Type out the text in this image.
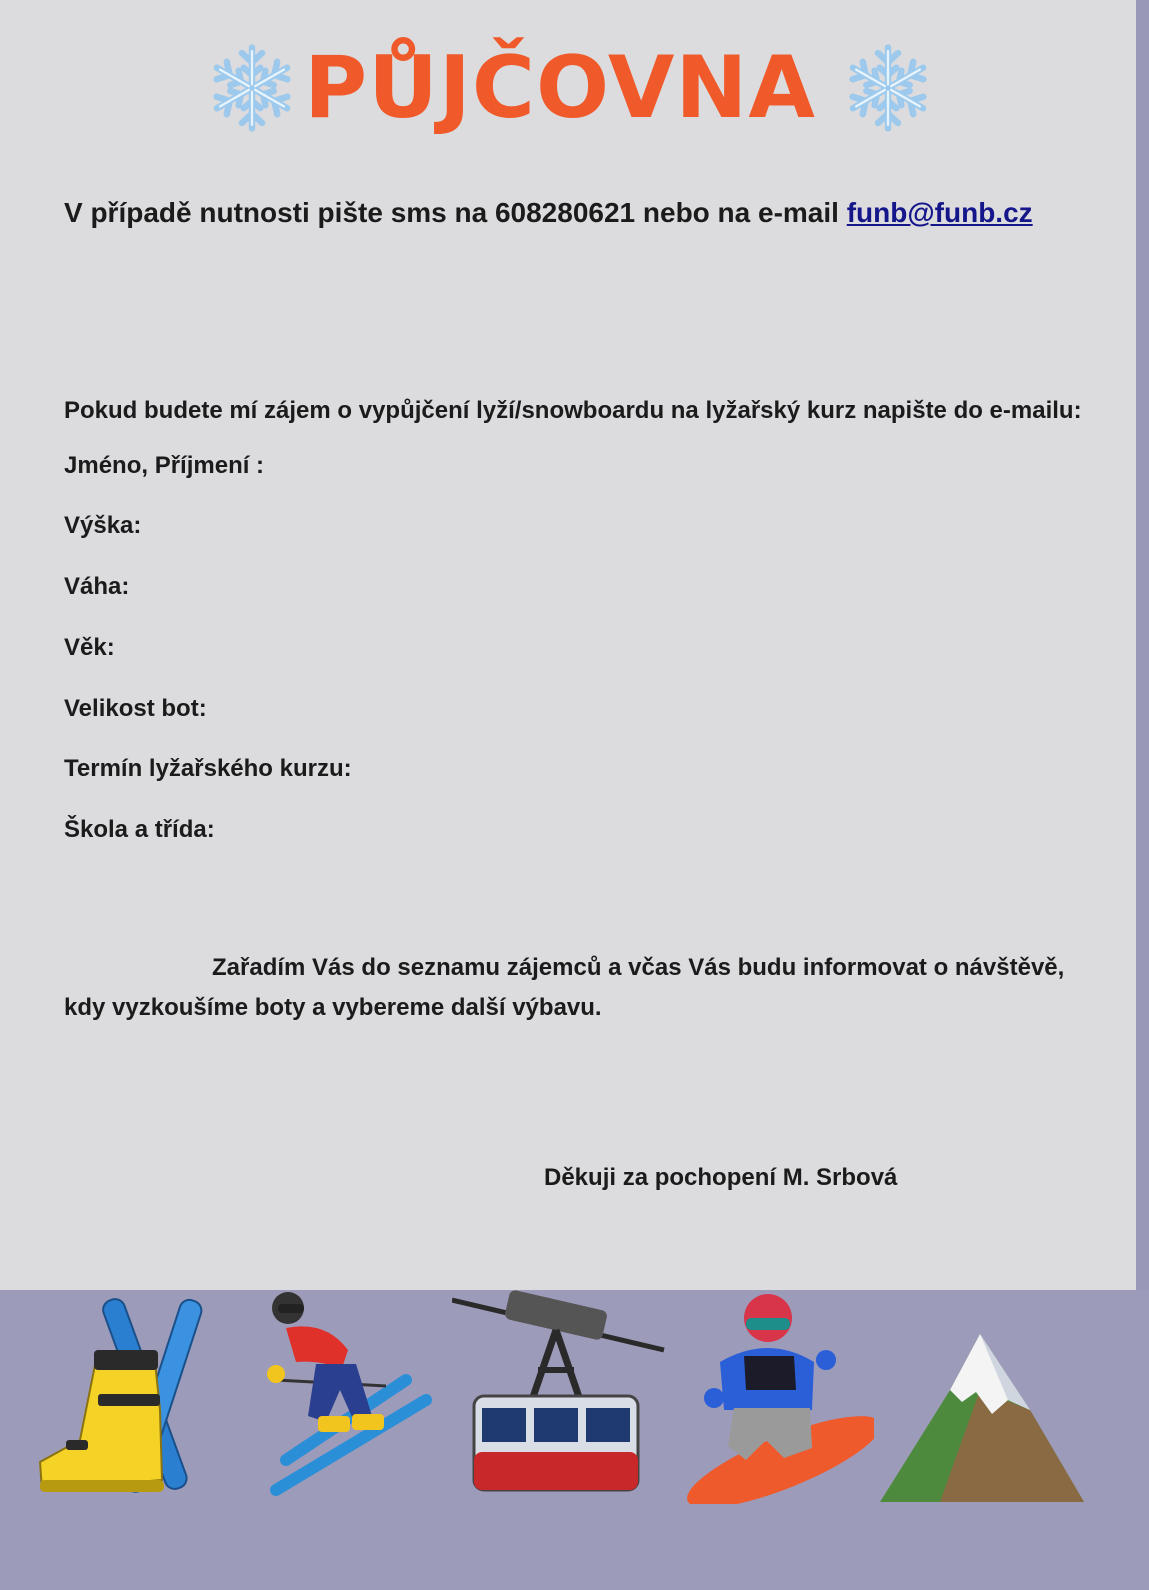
PŮJČOVNA
V případě nutnosti pište sms na 608280621 nebo na e-mail funb@funb.cz
Pokud budete mí zájem o vypůjčení lyží/snowboardu na lyžařský kurz napište do e-mailu:
Jméno, Příjmení :
Výška:
Váha:
Věk:
Velikost bot:
Termín lyžařského kurzu:
Škola a třída:
Zařadím Vás do seznamu zájemců a včas Vás budu informovat o návštěvě, kdy vyzkoušíme boty a vybereme další výbavu.
Děkuji za pochopení M. Srbová
